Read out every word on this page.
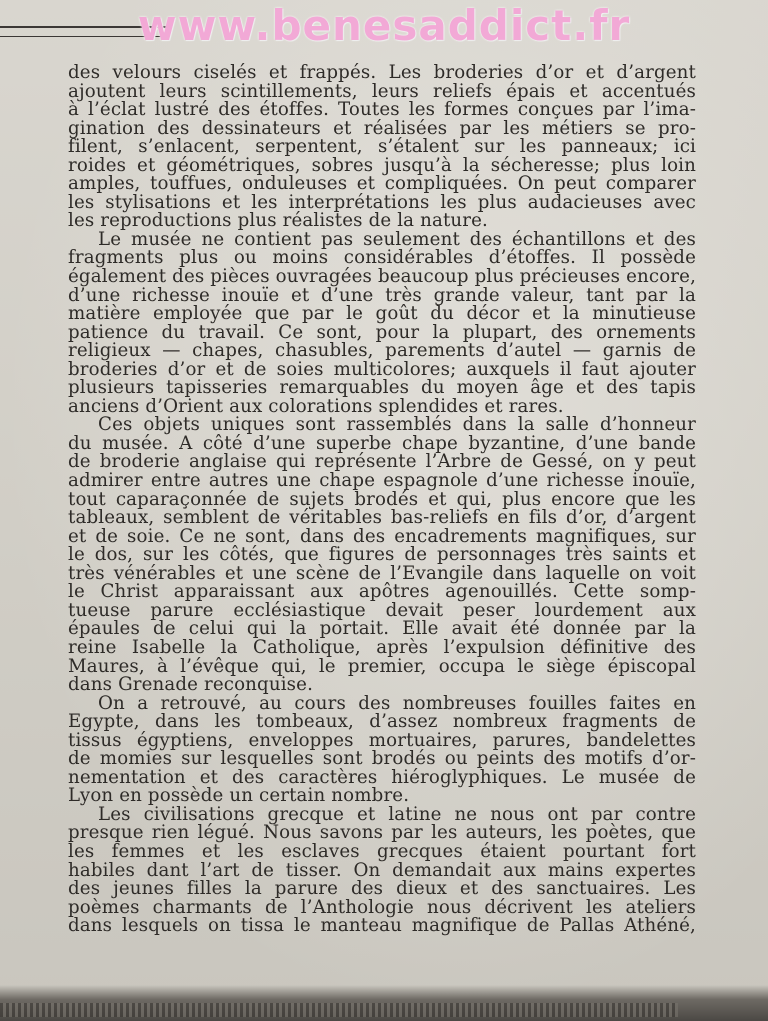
www.benesaddict.fr
des velours ciselés et frappés. Les broderies d’or et d’argent
ajoutent leurs scintillements, leurs reliefs épais et accentués
à l’éclat lustré des étoffes. Toutes les formes conçues par l’ima-
gination des dessinateurs et réalisées par les métiers se pro-
filent, s’enlacent, serpentent, s’étalent sur les panneaux; ici
roides et géométriques, sobres jusqu’à la sécheresse; plus loin
amples, touffues, onduleuses et compliquées. On peut comparer
les stylisations et les interprétations les plus audacieuses avec
les reproductions plus réalistes de la nature.
Le musée ne contient pas seulement des échantillons et des
fragments plus ou moins considérables d’étoffes. Il possède
également des pièces ouvragées beaucoup plus précieuses encore,
d’une richesse inouïe et d’une très grande valeur, tant par la
matière employée que par le goût du décor et la minutieuse
patience du travail. Ce sont, pour la plupart, des ornements
religieux — chapes, chasubles, parements d’autel — garnis de
broderies d’or et de soies multicolores; auxquels il faut ajouter
plusieurs tapisseries remarquables du moyen âge et des tapis
anciens d’Orient aux colorations splendides et rares.
Ces objets uniques sont rassemblés dans la salle d’honneur
du musée. A côté d’une superbe chape byzantine, d’une bande
de broderie anglaise qui représente l’Arbre de Gessé, on y peut
admirer entre autres une chape espagnole d’une richesse inouïe,
tout caparaçonnée de sujets brodés et qui, plus encore que les
tableaux, semblent de véritables bas-reliefs en fils d’or, d’argent
et de soie. Ce ne sont, dans des encadrements magnifiques, sur
le dos, sur les côtés, que figures de personnages très saints et
très vénérables et une scène de l’Evangile dans laquelle on voit
le Christ apparaissant aux apôtres agenouillés. Cette somp-
tueuse parure ecclésiastique devait peser lourdement aux
épaules de celui qui la portait. Elle avait été donnée par la
reine Isabelle la Catholique, après l’expulsion définitive des
Maures, à l’évêque qui, le premier, occupa le siège épiscopal
dans Grenade reconquise.
On a retrouvé, au cours des nombreuses fouilles faites en
Egypte, dans les tombeaux, d’assez nombreux fragments de
tissus égyptiens, enveloppes mortuaires, parures, bandelettes
de momies sur lesquelles sont brodés ou peints des motifs d’or-
nementation et des caractères hiéroglyphiques. Le musée de
Lyon en possède un certain nombre.
Les civilisations grecque et latine ne nous ont par contre
presque rien légué. Nous savons par les auteurs, les poètes, que
les femmes et les esclaves grecques étaient pourtant fort
habiles dant l’art de tisser. On demandait aux mains expertes
des jeunes filles la parure des dieux et des sanctuaires. Les
poèmes charmants de l’Anthologie nous décrivent les ateliers
dans lesquels on tissa le manteau magnifique de Pallas Athéné,
